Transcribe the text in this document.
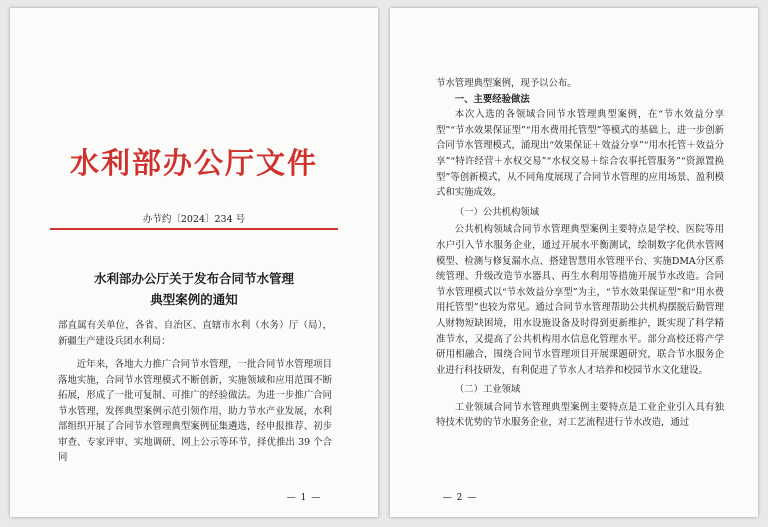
水利部办公厅文件
办节约〔2024〕234 号
水利部办公厅关于发布合同节水管理
典型案例的通知

部直属有关单位，各省、自治区、直辖市水利（水务）厅（局），新疆生产建设兵团水利局：

近年来，各地大力推广合同节水管理，一批合同节水管理项目落地实施，合同节水管理模式不断创新，实施领域和应用范围不断拓展，形成了一批可复制、可推广的经验做法。为进一步推广合同节水管理，发挥典型案例示范引领作用，助力节水产业发展，水利部组织开展了合同节水管理典型案例征集遴选，经申报推荐、初步审查、专家评审、实地调研、网上公示等环节，择优推出 39 个合同

— 1 —

节水管理典型案例，现予以公布。

一、主要经验做法

本次入选的各领域合同节水管理典型案例，在“节水效益分享型”“节水效果保证型”“用水费用托管型”等模式的基础上，进一步创新合同节水管理模式，涌现出“效果保证＋效益分享”“用水托管＋效益分享”“特许经营＋水权交易”“水权交易＋综合农事托管服务”“资源置换型”等创新模式，从不同角度展现了合同节水管理的应用场景、盈利模式和实施成效。

（一）公共机构领域

公共机构领域合同节水管理典型案例主要特点是学校、医院等用水户引入节水服务企业，通过开展水平衡测试，绘制数字化供水管网模型、检测与修复漏水点、搭建智慧用水管理平台、实施DMA分区系统管理、升级改造节水器具、再生水利用等措施开展节水改造。合同节水管理模式以“节水效益分享型”为主，“节水效果保证型”和“用水费用托管型”也较为常见。通过合同节水管理帮助公共机构摆脱后勤管理人财物短缺困境，用水设施设备及时得到更新维护，既实现了科学精准节水，又提高了公共机构用水信息化管理水平。部分高校还将产学研用相融合，围绕合同节水管理项目开展课题研究，联合节水服务企业进行科技研发，有利促进了节水人才培养和校园节水文化建设。

（二）工业领域

工业领域合同节水管理典型案例主要特点是工业企业引入具有独特技术优势的节水服务企业，对工艺流程进行节水改造，通过

— 2 —
